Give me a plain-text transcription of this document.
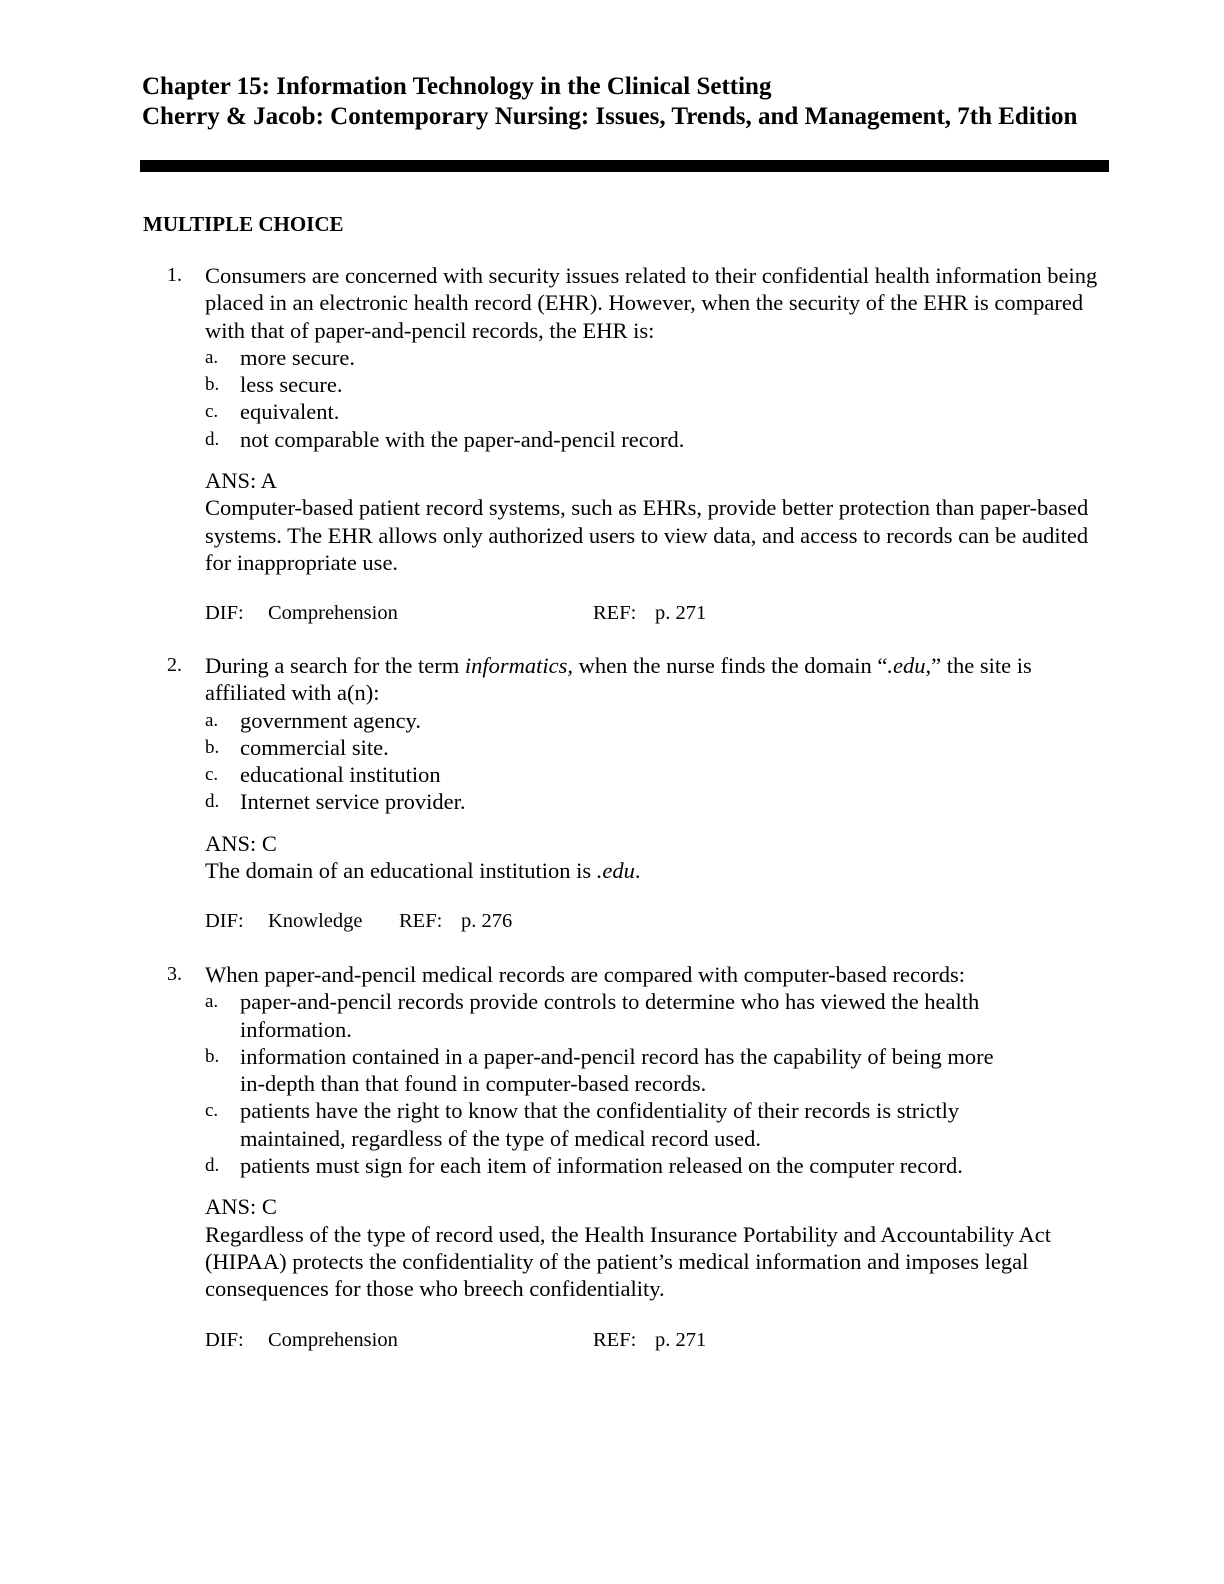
Chapter 15: Information Technology in the Clinical Setting
Cherry & Jacob: Contemporary Nursing: Issues, Trends, and Management, 7th Edition
MULTIPLE CHOICE
1. Consumers are concerned with security issues related to their confidential health information being placed in an electronic health record (EHR). However, when the security of the EHR is compared with that of paper-and-pencil records, the EHR is:
a. more secure.
b. less secure.
c. equivalent.
d. not comparable with the paper-and-pencil record.
ANS: A
Computer-based patient record systems, such as EHRs, provide better protection than paper-based systems. The EHR allows only authorized users to view data, and access to records can be audited for inappropriate use.
DIF: Comprehension	REF: p. 271
2. During a search for the term informatics, when the nurse finds the domain “.edu,” the site is affiliated with a(n):
a. government agency.
b. commercial site.
c. educational institution
d. Internet service provider.
ANS: C
The domain of an educational institution is .edu.
DIF: Knowledge REF: p. 276
3. When paper-and-pencil medical records are compared with computer-based records:
a. paper-and-pencil records provide controls to determine who has viewed the health information.
b. information contained in a paper-and-pencil record has the capability of being more in-depth than that found in computer-based records.
c. patients have the right to know that the confidentiality of their records is strictly maintained, regardless of the type of medical record used.
d. patients must sign for each item of information released on the computer record.
ANS: C
Regardless of the type of record used, the Health Insurance Portability and Accountability Act (HIPAA) protects the confidentiality of the patient’s medical information and imposes legal consequences for those who breech confidentiality.
DIF: Comprehension	REF: p. 271
